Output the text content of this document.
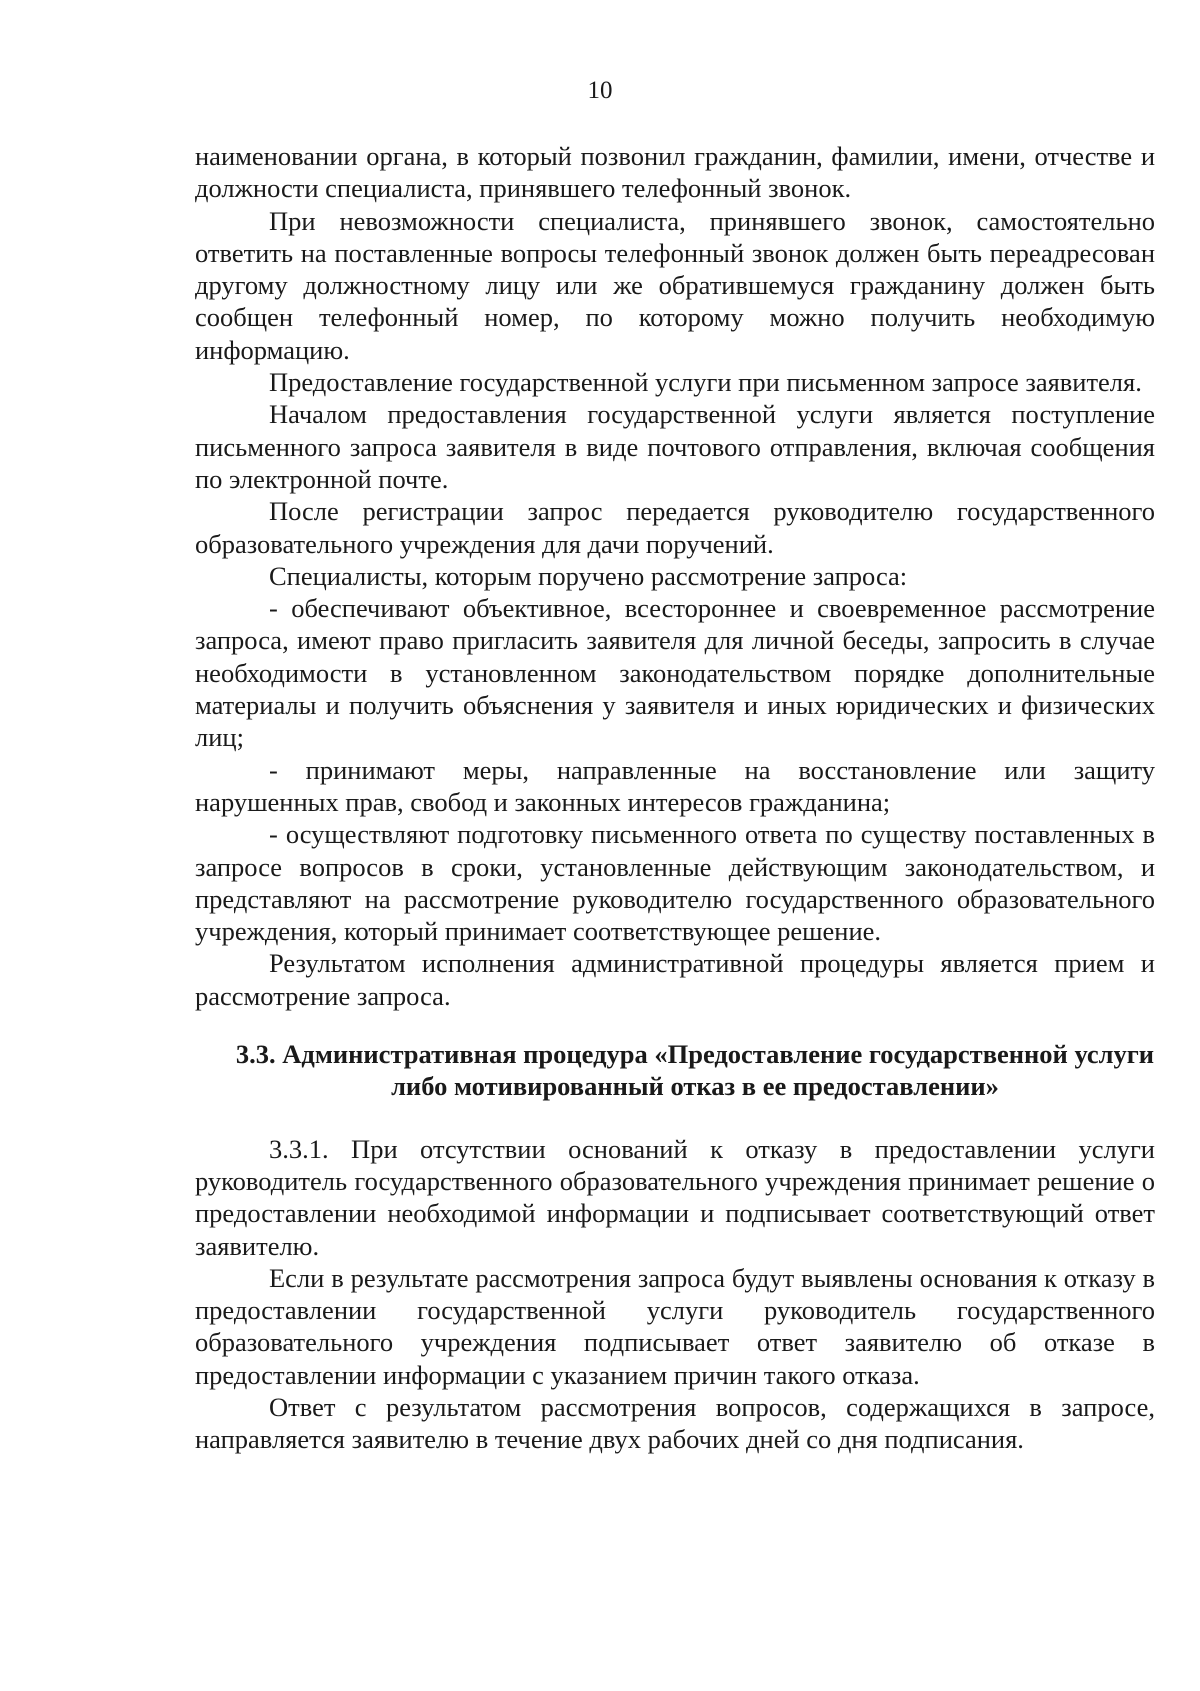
10

наименовании органа, в который позвонил гражданин, фамилии, имени, отчестве и должности специалиста, принявшего телефонный звонок.

При невозможности специалиста, принявшего звонок, самостоятельно ответить на поставленные вопросы телефонный звонок должен быть переадресован другому должностному лицу или же обратившемуся гражданину должен быть сообщен телефонный номер, по которому можно получить необходимую информацию.

Предоставление государственной услуги при письменном запросе заявителя.

Началом предоставления государственной услуги является поступление письменного запроса заявителя в виде почтового отправления, включая сообщения по электронной почте.

После регистрации запрос передается руководителю государственного образовательного учреждения для дачи поручений.

Специалисты, которым поручено рассмотрение запроса:

- обеспечивают объективное, всестороннее и своевременное рассмотрение запроса, имеют право пригласить заявителя для личной беседы, запросить в случае необходимости в установленном законодательством порядке дополнительные материалы и получить объяснения у заявителя и иных юридических и физических лиц;

- принимают меры, направленные на восстановление или защиту нарушенных прав, свобод и законных интересов гражданина;

- осуществляют подготовку письменного ответа по существу поставленных в запросе вопросов в сроки, установленные действующим законодательством, и представляют на рассмотрение руководителю государственного образовательного учреждения, который принимает соответствующее решение.

Результатом исполнения административной процедуры является прием и рассмотрение запроса.

3.3. Административная процедура «Предоставление государственной услуги либо мотивированный отказ в ее предоставлении»

3.3.1. При отсутствии оснований к отказу в предоставлении услуги руководитель государственного образовательного учреждения принимает решение о предоставлении необходимой информации и подписывает соответствующий ответ заявителю.

Если в результате рассмотрения запроса будут выявлены основания к отказу в предоставлении государственной услуги руководитель государственного образовательного учреждения подписывает ответ заявителю об отказе в предоставлении информации с указанием причин такого отказа.

Ответ с результатом рассмотрения вопросов, содержащихся в запросе, направляется заявителю в течение двух рабочих дней со дня подписания.
